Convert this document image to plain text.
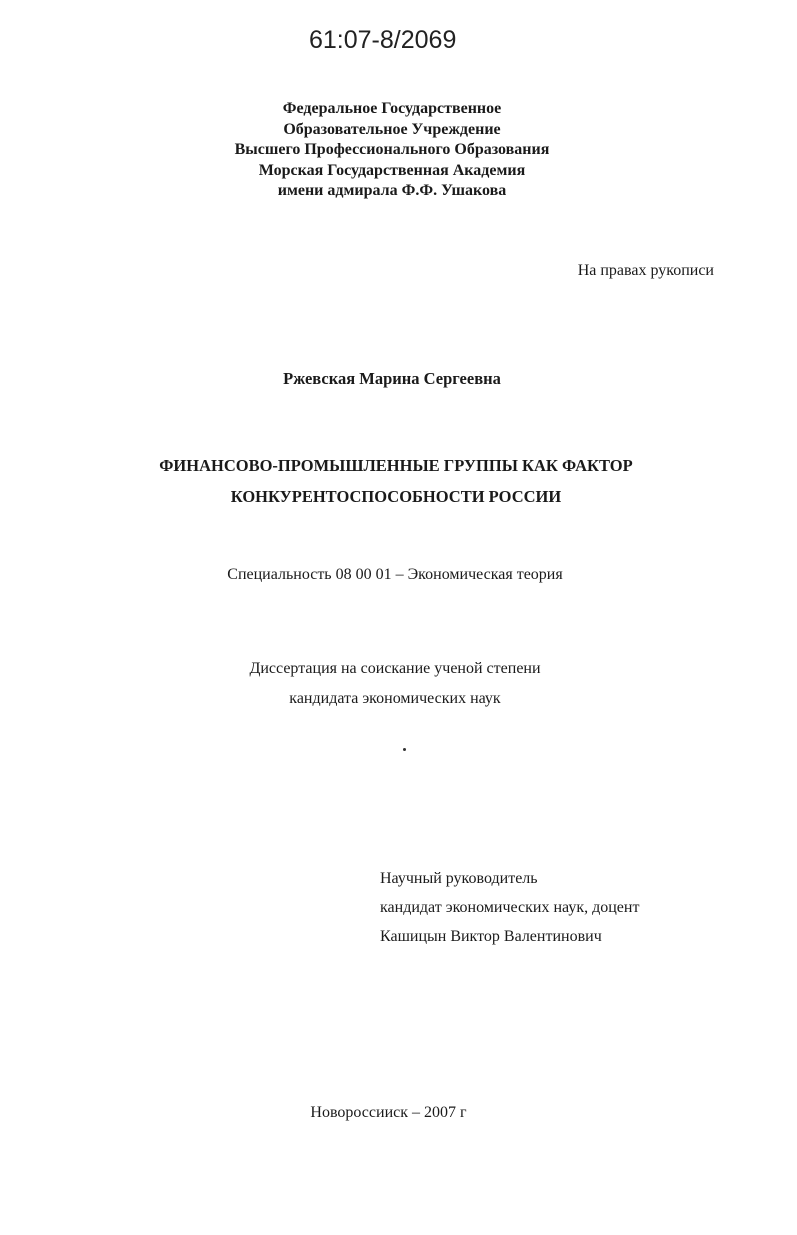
61:07-8/2069
Федеральное Государственное
Образовательное Учреждение
Высшего Профессионального Образования
Морская Государственная Академия
имени адмирала Ф.Ф. Ушакова
На правах рукописи
Ржевская Марина Сергеевна
ФИНАНСОВО-ПРОМЫШЛЕННЫЕ ГРУППЫ КАК ФАКТОР
КОНКУРЕНТОСПОСОБНОСТИ РОССИИ
Специальность 08 00 01 – Экономическая теория
Диссертация на соискание ученой степени
кандидата экономических наук
Научный руководитель
кандидат экономических наук, доцент
Кашицын Виктор Валентинович
Новороссииск – 2007 г
